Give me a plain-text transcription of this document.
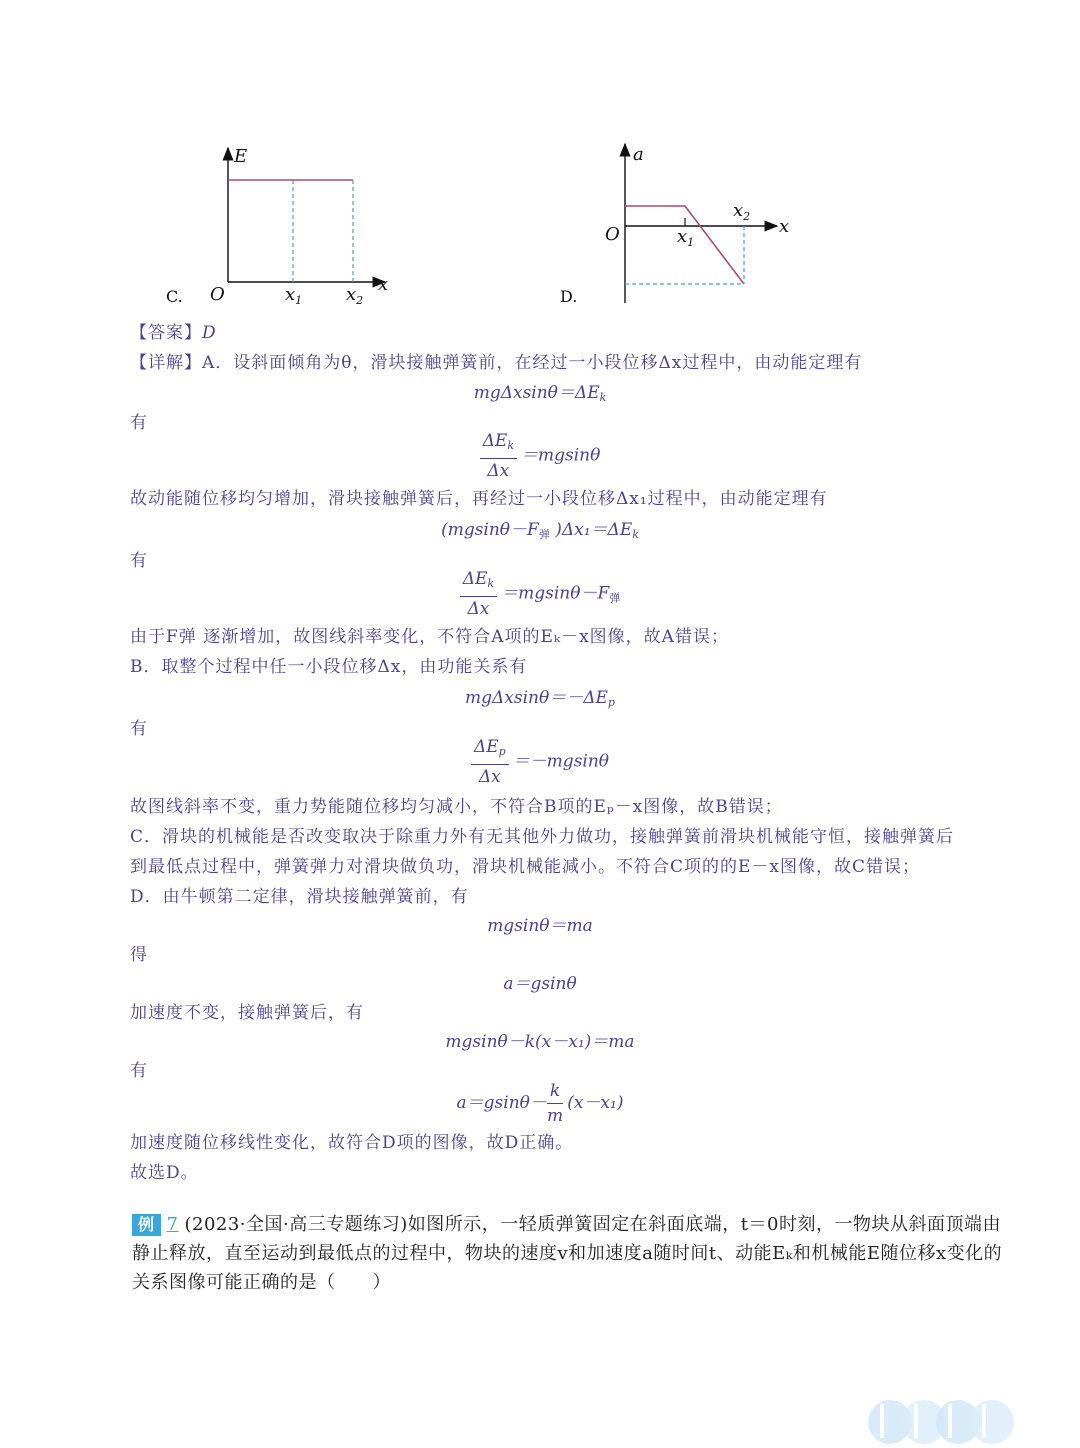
C. O
E
x
$x_1$ $x_2$	D.
O
a
x
$x_1$
$x_2$
【答案】D
【详解】A．设斜面倾角为θ，滑块接触弹簧前，在经过一小段位移Δx过程中，由动能定理有
$mg\Delta xsin\theta=\Delta E_k$
有
$\frac{\Delta E_k}{\Delta x} =mgsin\theta$
故动能随位移均匀增加，滑块接触弹簧后，再经过一小段位移Δx₁过程中，由动能定理有
($mgsin\theta-F_弹$ )$\Delta x_1=\Delta E_k$
有
$\frac{\Delta E_k}{\Delta x} =mgsin\theta-F_弹$
由于F弹 逐渐增加，故图线斜率变化，不符合A项的Eₖ－x图像，故A错误；
B．取整个过程中任一小段位移Δx，由功能关系有
$mg\Delta xsin\theta=-\Delta E_p$
有
$\frac{\Delta E_p}{\Delta x} =-mgsin\theta$
故图线斜率不变，重力势能随位移均匀减小，不符合B项的Eₚ－x图像，故B错误；
C．滑块的机械能是否改变取决于除重力外有无其他外力做功，接触弹簧前滑块机械能守恒，接触弹簧后
到最低点过程中，弹簧弹力对滑块做负功，滑块机械能减小。不符合C项的的E－x图像，故C错误；
D．由牛顿第二定律，滑块接触弹簧前，有
mgsinθ＝ma
得
a＝gsinθ
加速度不变，接触弹簧后，有
mgsinθ－k(x－x₁)＝ma
有
$a=gsin\theta- \frac{k}{m} (x-x_1)$
加速度随位移线性变化，故符合D项的图像，故D正确。
故选D。
例 7 (2023·全国·高三专题练习)如图所示，一轻质弹簧固定在斜面底端，t＝0时刻，一物块从斜面顶端由静止释放，直至运动到最低点的过程中，物块的速度v和加速度a随时间t、动能Eₖ和机械能E随位移x变化的关系图像可能正确的是（　　）
